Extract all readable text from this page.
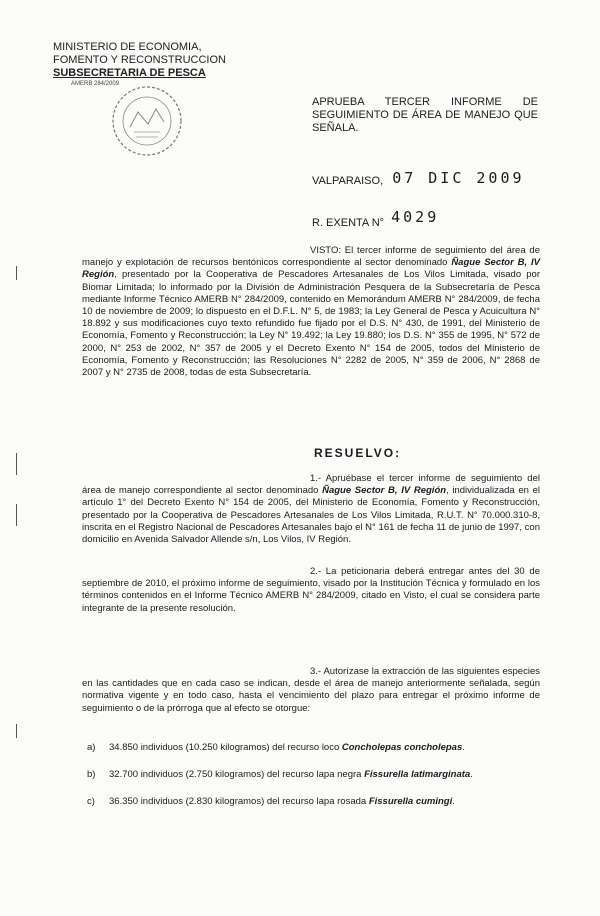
MINISTERIO DE ECONOMIA,
FOMENTO Y RECONSTRUCCION
SUBSECRETARIA DE PESCA
AMERB 284/2009
APRUEBA TERCER INFORME DE
SEGUIMIENTO DE ÁREA DE MANEJO QUE SEÑALA.
VALPARAISO, 07 DIC 2009
R. EXENTA N° 4029
VISTO: El tercer informe de seguimiento del área de manejo y explotación de recursos bentónicos correspondiente al sector denominado Ñague Sector B, IV Región, presentado por la Cooperativa de Pescadores Artesanales de Los Vilos Limitada, visado por Biomar Limitada; lo informado por la División de Administración Pesquera de la Subsecretaría de Pesca mediante Informe Técnico AMERB N° 284/2009, contenido en Memorándum AMERB N° 284/2009, de fecha 10 de noviembre de 2009; lo dispuesto en el D.F.L. N° 5, de 1983; la Ley General de Pesca y Acuicultura N° 18.892 y sus modificaciones cuyo texto refundido fue fijado por el D.S. N° 430, de 1991, del Ministerio de Economía, Fomento y Reconstrucción; la Ley N° 19.492; la Ley 19.880; los D.S. N° 355 de 1995, N° 572 de 2000, N° 253 de 2002, N° 357 de 2005 y el Decreto Exento N° 154 de 2005, todos del Ministerio de Economía, Fomento y Reconstrucción; las Resoluciones N° 2282 de 2005, N° 359 de 2006, N° 2868 de 2007 y N° 2735 de 2008, todas de esta Subsecretaría.
RESUELVO:
1.- Apruébase el tercer informe de seguimiento del área de manejo correspondiente al sector denominado Ñague Sector B, IV Región, individualizada en el artículo 1° del Decreto Exento N° 154 de 2005, del Ministerio de Economía, Fomento y Reconstrucción, presentado por la Cooperativa de Pescadores Artesanales de Los Vilos Limitada, R.U.T. N° 70.000.310-8, inscrita en el Registro Nacional de Pescadores Artesanales bajo el N° 161 de fecha 11 de junio de 1997, con domicilio en Avenida Salvador Allende s/n, Los Vilos, IV Región.
2.- La peticionaria deberá entregar antes del 30 de septiembre de 2010, el próximo informe de seguimiento, visado por la Institución Técnica y formulado en los términos contenidos en el Informe Técnico AMERB N° 284/2009, citado en Visto, el cual se considera parte integrante de la presente resolución.
3.- Autorízase la extracción de las siguientes especies en las cantidades que en cada caso se indican, desde el área de manejo anteriormente señalada, según normativa vigente y en todo caso, hasta el vencimiento del plazo para entregar el próximo informe de seguimiento o de la prórroga que al efecto se otorgue:
a) 34.850 individuos (10.250 kilogramos) del recurso loco Concholepas concholepas.
b) 32.700 individuos (2.750 kilogramos) del recurso lapa negra Fissurella latimarginata.
c) 36.350 individuos (2.830 kilogramos) del recurso lapa rosada Fissurella cumingi.
